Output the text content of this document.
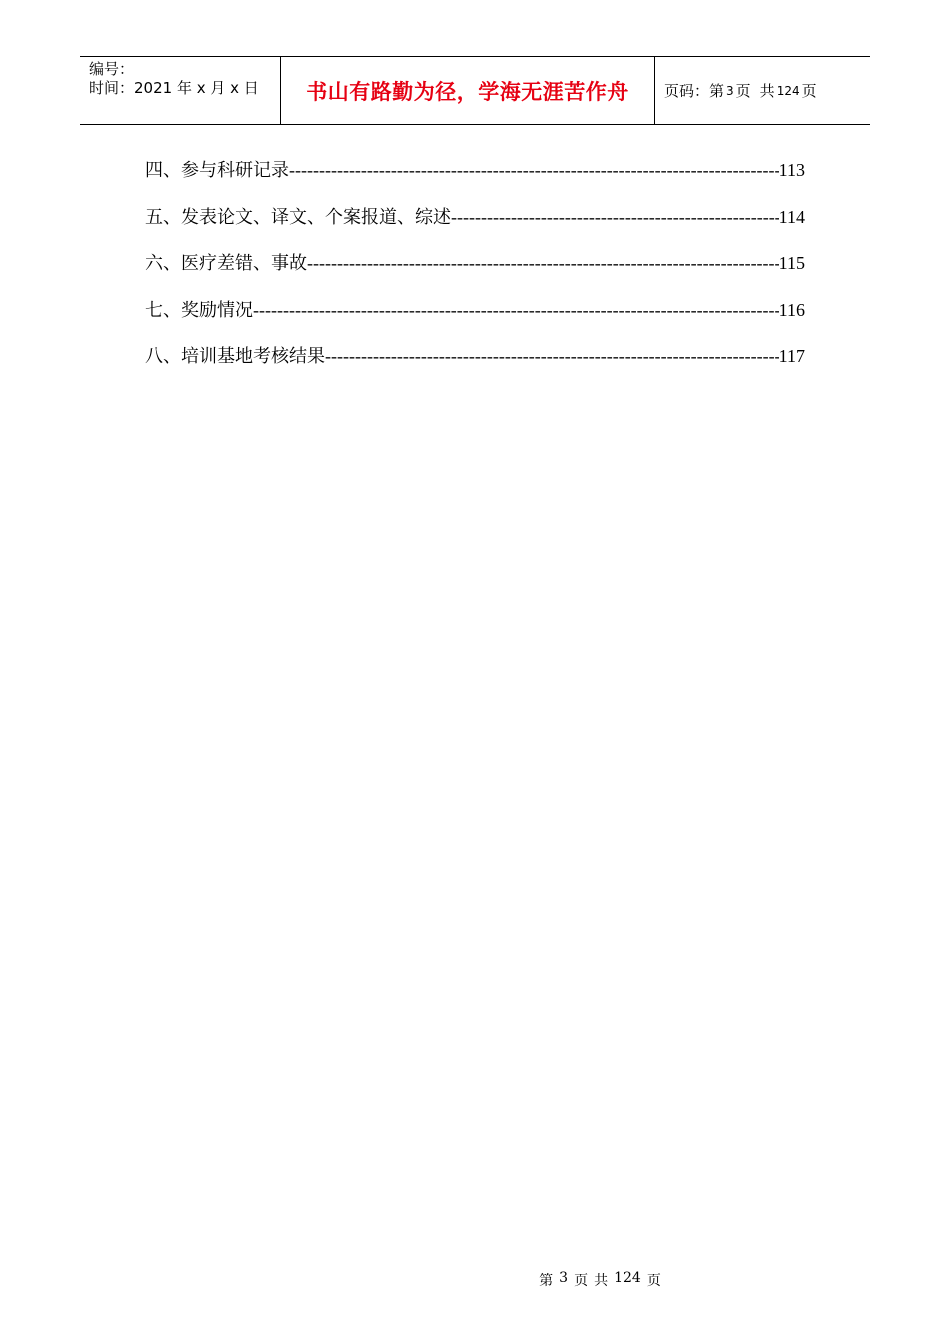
编号：
时间：2021 年 x 月 x 日	书山有路勤为径，学海无涯苦作舟 页码：第 3 页 共 124 页
四、参与科研记录 -----	113
五、发表论文、译文、个案报道、综述 -----	114
六、医疗差错、事故 -----	115
七、奖励情况 -----	116
八、培训基地考核结果 -----	117
第 3 页 共 124 页
